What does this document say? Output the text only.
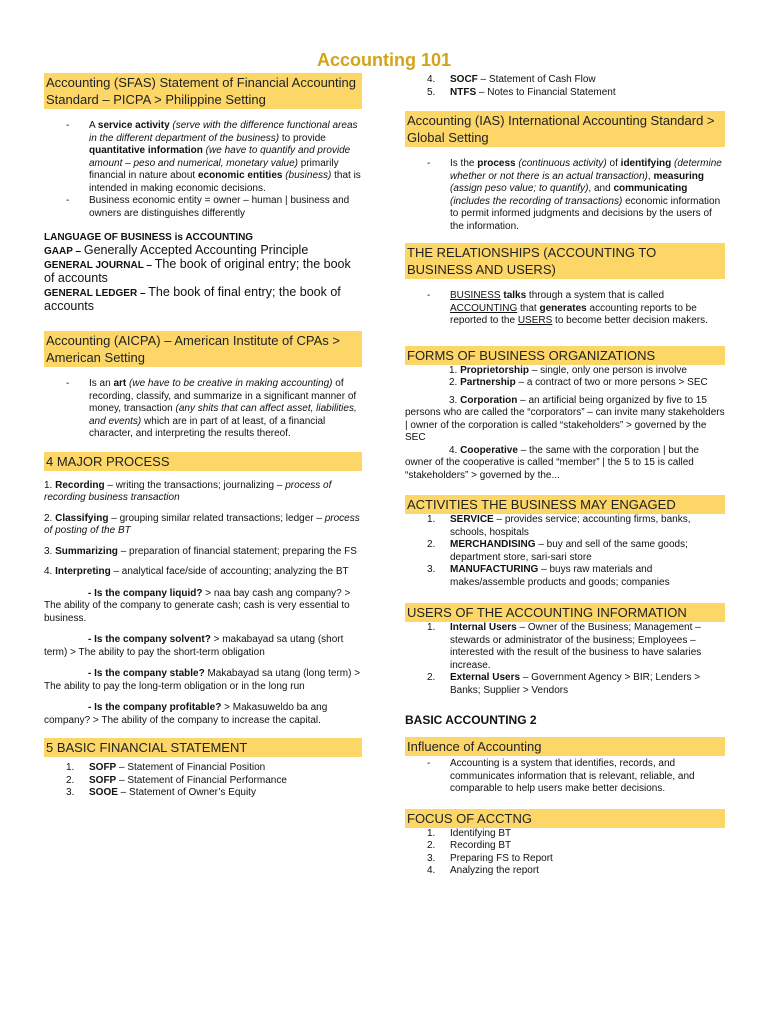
Accounting 101
Accounting (SFAS) Statement of Financial Accounting Standard – PICPA > Philippine Setting
- A service activity (serve with the difference functional areas in the different department of the business) to provide quantitative information (we have to quantify and provide amount – peso and numerical, monetary value) primarily financial in nature about economic entities (business) that is intended in making economic decisions.
- Business economic entity = owner – human | business and owners are distinguishes differently
LANGUAGE OF BUSINESS is ACCOUNTING
GAAP – Generally Accepted Accounting Principle
GENERAL JOURNAL – The book of original entry; the book of accounts
GENERAL LEDGER – The book of final entry; the book of accounts
Accounting (AICPA) – American Institute of CPAs > American Setting
- Is an art (we have to be creative in making accounting) of recording, classify, and summarize in a significant manner of money, transaction (any shits that can affect asset, liabilities, and events) which are in part of at least, of a financial character, and interpreting the results thereof.
4 MAJOR PROCESS
1. Recording – writing the transactions; journalizing – process of recording business transaction
2. Classifying – grouping similar related transactions; ledger – process of posting of the BT
3. Summarizing – preparation of financial statement; preparing the FS
4. Interpreting – analytical face/side of accounting; analyzing the BT
- Is the company liquid? > naa bay cash ang company? > The ability of the company to generate cash; cash is very essential to business.
- Is the company solvent? > makabayad sa utang (short term) > The ability to pay the short-term obligation
- Is the company stable? Makabayad sa utang (long term) > The ability to pay the long-term obligation or in the long run
- Is the company profitable? > Makasuweldo ba ang company? > The ability of the company to increase the capital.
5 BASIC FINANCIAL STATEMENT
1. SOFP – Statement of Financial Position
2. SOFP – Statement of Financial Performance
3. SOOE – Statement of Owner’s Equity
4. SOCF – Statement of Cash Flow
5. NTFS – Notes to Financial Statement
Accounting (IAS) International Accounting Standard > Global Setting
- Is the process (continuous activity) of identifying (determine whether or not there is an actual transaction), measuring (assign peso value; to quantify), and communicating (includes the recording of transactions) economic information to permit informed judgments and decisions by the users of the information.
THE RELATIONSHIPS (ACCOUNTING TO BUSINESS AND USERS)
- BUSINESS talks through a system that is called ACCOUNTING that generates accounting reports to be reported to the USERS to become better decision makers.
FORMS OF BUSINESS ORGANIZATIONS
1. Proprietorship – single, only one person is involve
2. Partnership – a contract of two or more persons > SEC
3. Corporation – an artificial being organized by five to 15 persons who are called the “corporators” – can invite many stakeholders | owner of the corporation is called “stakeholders” > governed by the SEC
4. Cooperative – the same with the corporation | but the owner of the cooperative is called “member” | the 5 to 15 is called “stakeholders” > governed by the...
ACTIVITIES THE BUSINESS MAY ENGAGED
1. SERVICE – provides service; accounting firms, banks, schools, hospitals
2. MERCHANDISING – buy and sell of the same goods; department store, sari-sari store
3. MANUFACTURING – buys raw materials and makes/assemble products and goods; companies
USERS OF THE ACCOUNTING INFORMATION
1. Internal Users – Owner of the Business; Management – stewards or administrator of the business; Employees – interested with the result of the business to have salaries increase.
2. External Users – Government Agency > BIR; Lenders > Banks; Supplier > Vendors
BASIC ACCOUNTING 2
Influence of Accounting
- Accounting is a system that identifies, records, and communicates information that is relevant, reliable, and comparable to help users make better decisions.
FOCUS OF ACCTNG
1. Identifying BT
2. Recording BT
3. Preparing FS to Report
4. Analyzing the report
